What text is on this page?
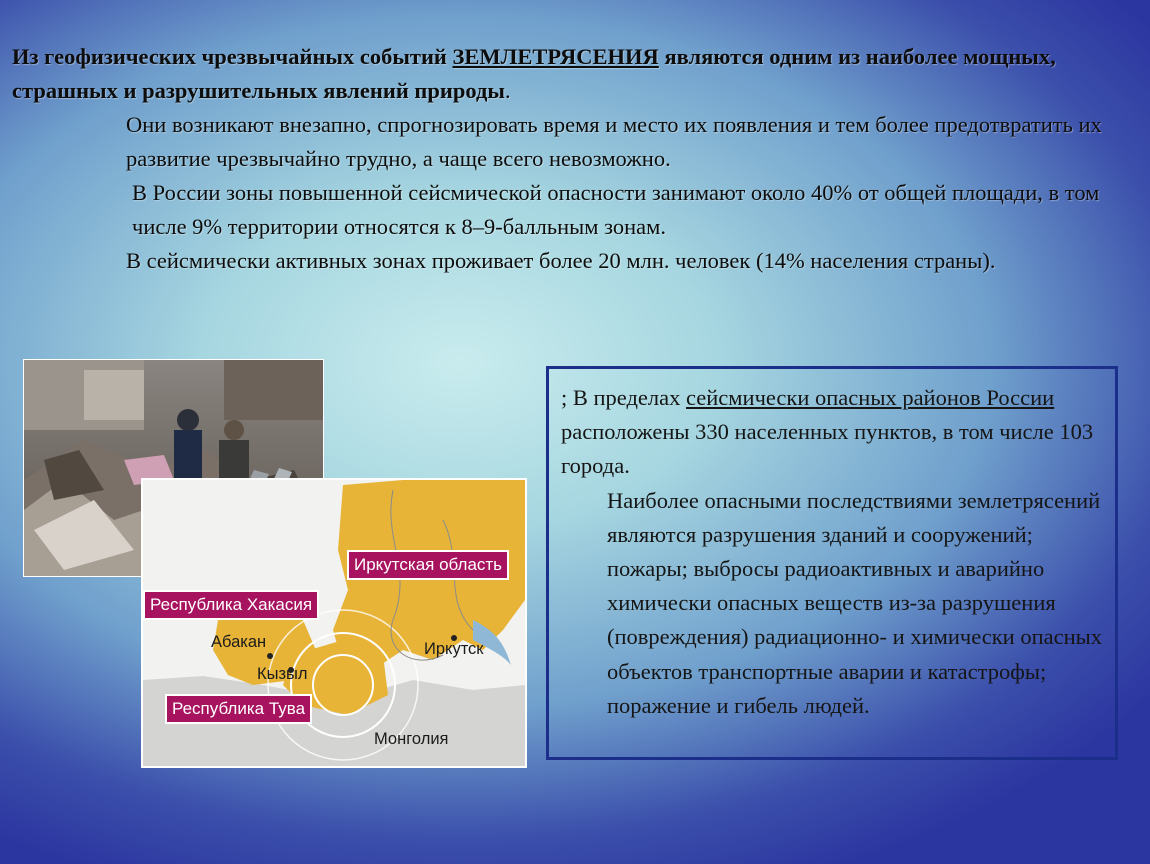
Из геофизических чрезвычайных событий ЗЕМЛЕТРЯСЕНИЯ являются одним из наиболее мощных, страшных и разрушительных явлений природы.

Они возникают внезапно, спрогнозировать время и место их появления и тем более предотвратить их развитие чрезвычайно трудно, а чаще всего невозможно.

В России зоны повышенной сейсмической опасности занимают около 40% от общей площади, в том числе 9% территории относятся к 8–9-балльным зонам.

В сейсмически активных зонах проживает более 20 млн. человек (14% населения страны).

Иркутская область
Республика Хакасия
Абакан	Иркутск
Кызыл
Республика Тува
Монголия

; В пределах сейсмически опасных районов России расположены 330 населенных пунктов, в том числе 103 города.

Наиболее опасными последствиями землетрясений являются разрушения зданий и сооружений; пожары; выбросы радиоактивных и аварийно химически опасных веществ из-за разрушения (повреждения) радиационно- и химически опасных объектов транспортные аварии и катастрофы; поражение и гибель людей.
